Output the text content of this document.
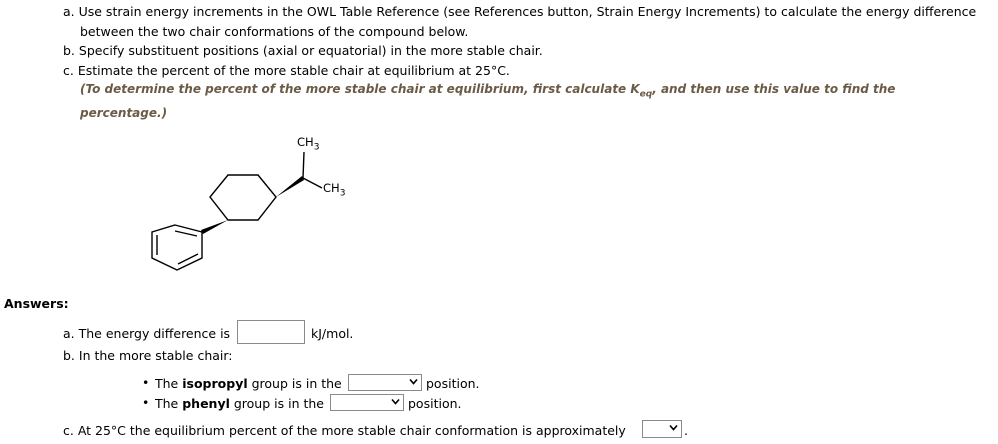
a. Use strain energy increments in the OWL Table Reference (see References button, Strain Energy Increments) to calculate the energy difference
between the two chair conformations of the compound below.
b. Specify substituent positions (axial or equatorial) in the more stable chair.
c. Estimate the percent of the more stable chair at equilibrium at 25°C.
(To determine the percent of the more stable chair at equilibrium, first calculate $K_{eq}$, and then use this value to find the
percentage.)
$CH_3$
$CH_3$
Answers:
a. The energy difference is	kJ/mol.
b. In the more stable chair:
• The isopropyl group is in the	position.
• The phenyl group is in the	position.
c. At 25°C the equilibrium percent of the more stable chair conformation is approximately	.
